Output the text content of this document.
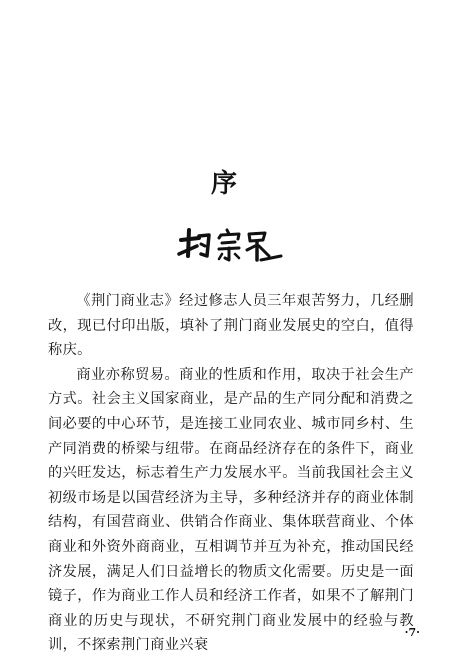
序

《荆门商业志》经过修志人员三年艰苦努力，几经删改，现已付印出版，填补了荆门商业发展史的空白，值得称庆。

商业亦称贸易。商业的性质和作用，取决于社会生产方式。社会主义国家商业，是产品的生产同分配和消费之间必要的中心环节，是连接工业同农业、城市同乡村、生产同消费的桥梁与纽带。在商品经济存在的条件下，商业的兴旺发达，标志着生产力发展水平。当前我国社会主义初级市场是以国营经济为主导，多种经济并存的商业体制结构，有国营商业、供销合作商业、集体联营商业、个体商业和外资外商商业，互相调节并互为补充，推动国民经济发展，满足人们日益增长的物质文化需要。历史是一面镜子，作为商业工作人员和经济工作者，如果不了解荆门商业的历史与现状，不研究荆门商业发展中的经验与教训，不探索荆门商业兴衰

·7·
